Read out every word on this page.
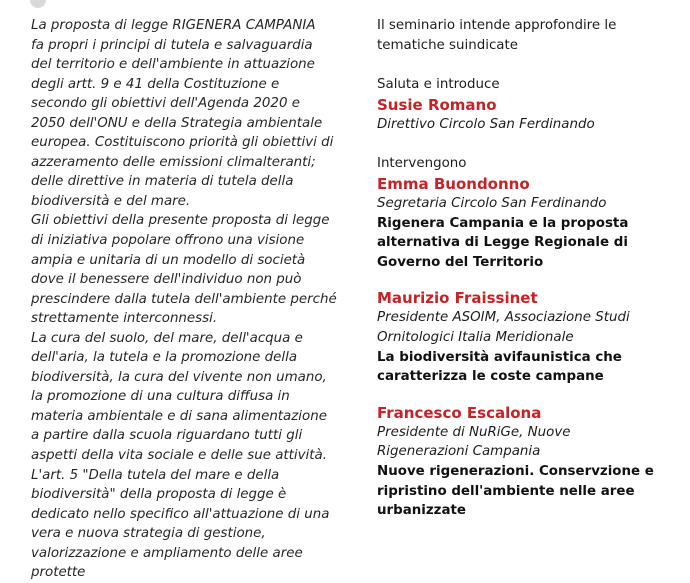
La proposta di legge RIGENERA CAMPANIA
fa propri i principi di tutela e salvaguardia
del territorio e dell'ambiente in attuazione
degli artt. 9 e 41 della Costituzione e
secondo gli obiettivi dell'Agenda 2020 e
2050 dell'ONU e della Strategia ambientale
europea. Costituiscono priorità gli obiettivi di
azzeramento delle emissioni climalteranti;
delle direttive in materia di tutela della
biodiversità e del mare.
Gli obiettivi della presente proposta di legge
di iniziativa popolare offrono una visione
ampia e unitaria di un modello di società
dove il benessere dell'individuo non può
prescindere dalla tutela dell'ambiente perché
strettamente interconnessi.
La cura del suolo, del mare, dell'acqua e
dell'aria, la tutela e la promozione della
biodiversità, la cura del vivente non umano,
la promozione di una cultura diffusa in
materia ambientale e di sana alimentazione
a partire dalla scuola riguardano tutti gli
aspetti della vita sociale e delle sue attività.
L'art. 5 "Della tutela del mare e della
biodiversità" della proposta di legge è
dedicato nello specifico all'attuazione di una
vera e nuova strategia di gestione,
valorizzazione e ampliamento delle aree
protette
Il seminario intende approfondire le
tematiche suindicate
Saluta e introduce
Susie Romano
Direttivo Circolo San Ferdinando
Intervengono
Emma Buondonno
Segretaria Circolo San Ferdinando
Rigenera Campania e la proposta
alternativa di Legge Regionale di
Governo del Territorio
Maurizio Fraissinet
Presidente ASOIM, Associazione Studi
Ornitologici Italia Meridionale
La biodiversità avifaunistica che
caratterizza le coste campane
Francesco Escalona
Presidente di NuRiGe, Nuove
Rigenerazioni Campania
Nuove rigenerazioni. Conservzione e
ripristino dell'ambiente nelle aree
urbanizzate
